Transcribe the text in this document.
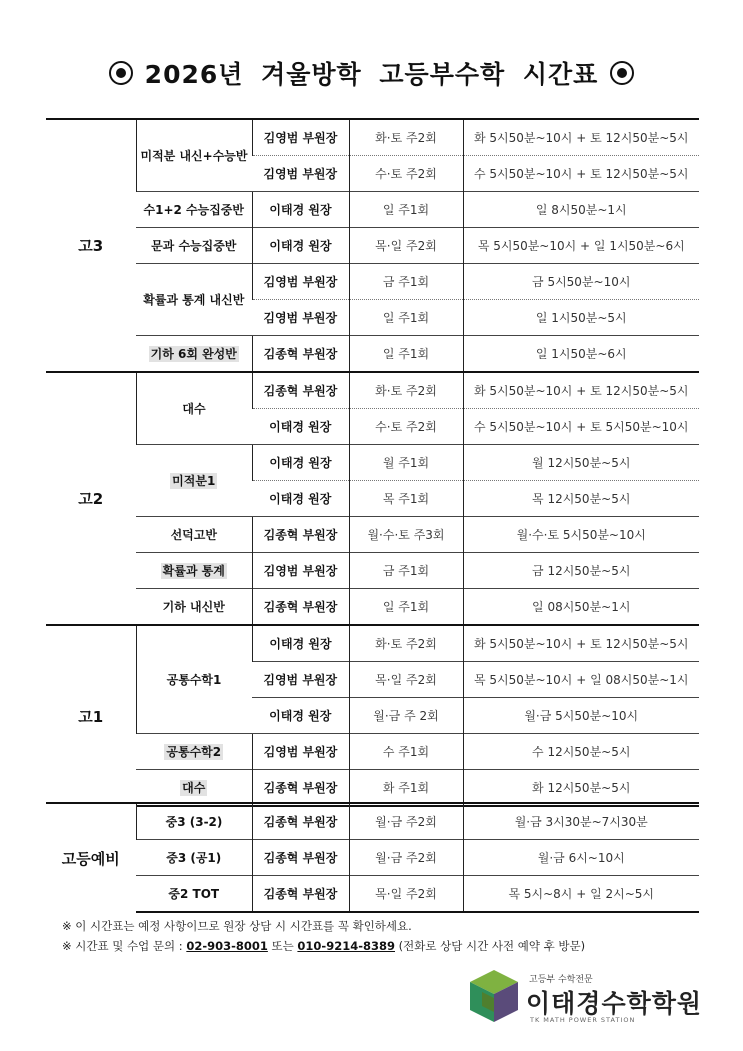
2026년 겨울방학 고등부수학 시간표
고3	미적분 내신+수능반	김영범 부원장	화·토 주2회	화 5시50분~10시 + 토 12시50분~5시
		김영범 부원장	수·토 주2회	수 5시50분~10시 + 토 12시50분~5시
	수1+2 수능집중반	이태경 원장	일 주1회	일 8시50분~1시
	문과 수능집중반	이태경 원장	목·일 주2회	목 5시50분~10시 + 일 1시50분~6시
	확률과 통계 내신반	김영범 부원장	금 주1회	금 5시50분~10시
		김영범 부원장	일 주1회	일 1시50분~5시
	기하 6회 완성반	김종혁 부원장	일 주1회	일 1시50분~6시
고2	대수	김종혁 부원장	화·토 주2회	화 5시50분~10시 + 토 12시50분~5시
		이태경 원장	수·토 주2회	수 5시50분~10시 + 토 5시50분~10시
	미적분1	이태경 원장	월 주1회	월 12시50분~5시
		이태경 원장	목 주1회	목 12시50분~5시
	선덕고반	김종혁 부원장	월·수·토 주3회	월·수·토 5시50분~10시
	확률과 통계	김영범 부원장	금 주1회	금 12시50분~5시
	기하 내신반	김종혁 부원장	일 주1회	일 08시50분~1시
고1	공통수학1	이태경 원장	화·토 주2회	화 5시50분~10시 + 토 12시50분~5시
		김영범 부원장	목·일 주2회	목 5시50분~10시 + 일 08시50분~1시
		이태경 원장	월·금 주 2회	월·금 5시50분~10시
	공통수학2	김영범 부원장	수 주1회	수 12시50분~5시
	대수	김종혁 부원장	화 주1회	화 12시50분~5시
고등예비	중3 (3-2)	김종혁 부원장	월·금 주2회	월·금 3시30분~7시30분
	중3 (공1)	김종혁 부원장	월·금 주2회	월·금 6시~10시
	중2 TOT	김종혁 부원장	목·일 주2회	목 5시~8시 + 일 2시~5시
※ 이 시간표는 예정 사항이므로 원장 상담 시 시간표를 꼭 확인하세요.
※ 시간표 및 수업 문의 : 02-903-8001 또는 010-9214-8389 (전화로 상담 시간 사전 예약 후 방문)
고등부 수학전문
이태경수학학원
TK MATH POWER STATION
